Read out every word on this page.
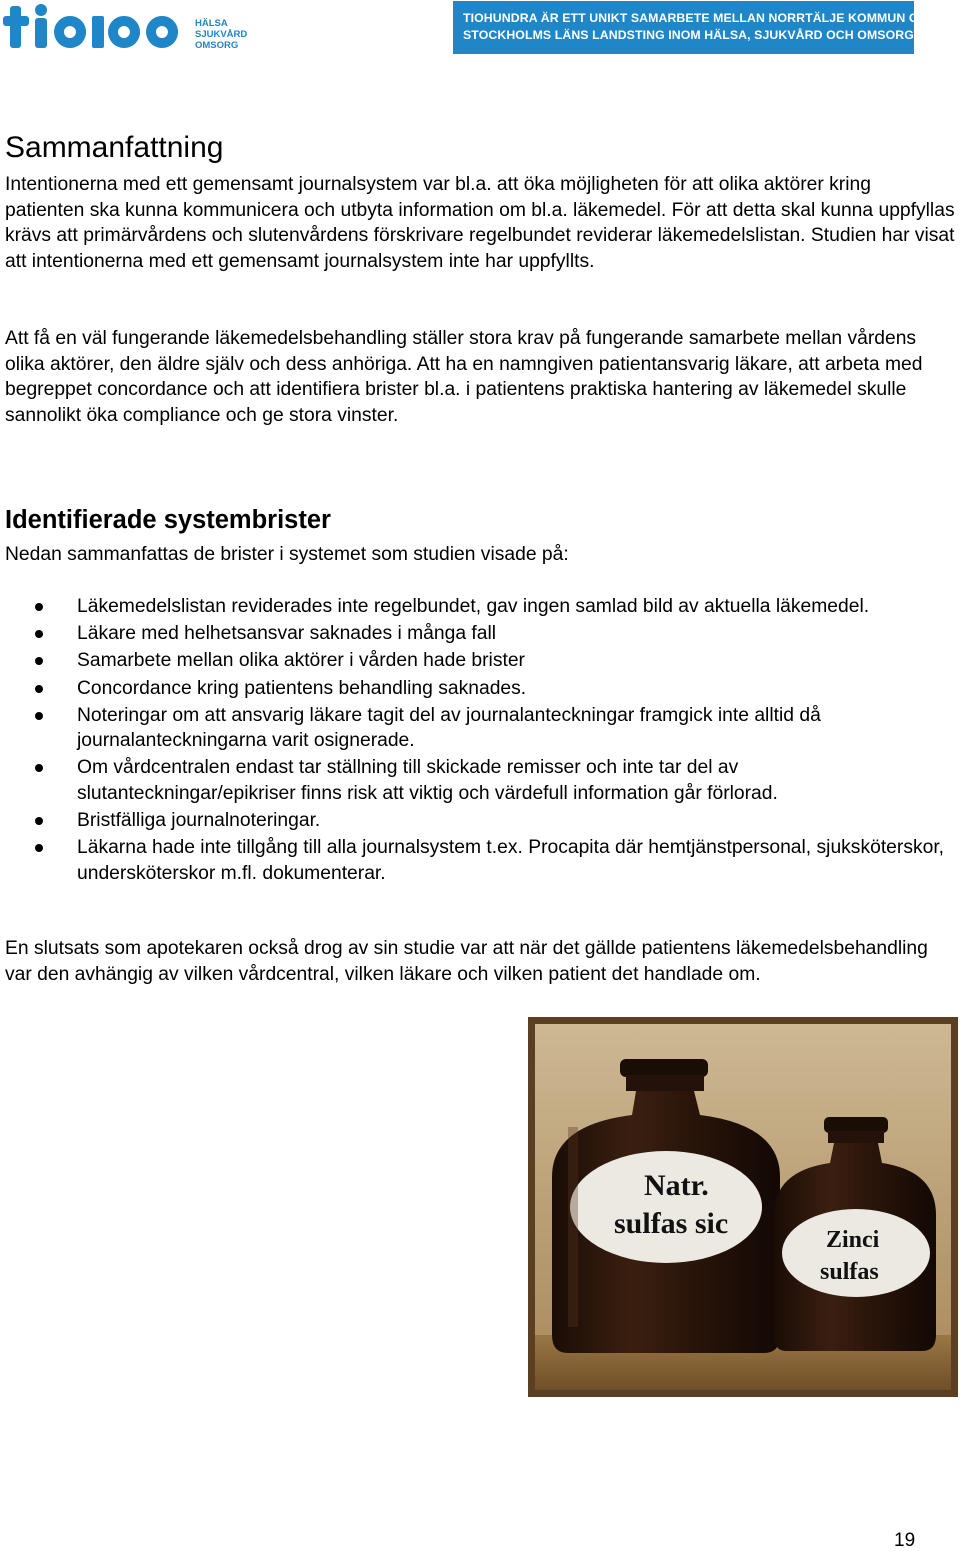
HÄLSA
SJUKVÅRD
OMSORG
TIOHUNDRA ÄR ETT UNIKT SAMARBETE MELLAN NORRTÄLJE KOMMUN OCH
STOCKHOLMS LÄNS LANDSTING INOM HÄLSA, SJUKVÅRD OCH OMSORG
Sammanfattning

Intentionerna med ett gemensamt journalsystem var bl.a. att öka möjligheten för att olika aktörer kring patienten ska kunna kommunicera och utbyta information om bl.a. läkemedel. För att detta skal kunna uppfyllas krävs att primärvårdens och slutenvårdens förskrivare regelbundet reviderar läkemedelslistan. Studien har visat att intentionerna med ett gemensamt journalsystem inte har uppfyllts.

Att få en väl fungerande läkemedelsbehandling ställer stora krav på fungerande samarbete mellan vårdens olika aktörer, den äldre själv och dess anhöriga. Att ha en namngiven patientansvarig läkare, att arbeta med begreppet concordance och att identifiera brister bl.a. i patientens praktiska hantering av läkemedel skulle sannolikt öka compliance och ge stora vinster.

Identifierade systembrister

Nedan sammanfattas de brister i systemet som studien visade på:

Läkemedelslistan reviderades inte regelbundet, gav ingen samlad bild av aktuella läkemedel.
Läkare med helhetsansvar saknades i många fall
Samarbete mellan olika aktörer i vården hade brister
Concordance kring patientens behandling saknades.
Noteringar om att ansvarig läkare tagit del av journalanteckningar framgick inte alltid då journalanteckningarna varit osignerade.
Om vårdcentralen endast tar ställning till skickade remisser och inte tar del av slutanteckningar/epikriser finns risk att viktig och värdefull information går förlorad.
Bristfälliga journalnoteringar.
Läkarna hade inte tillgång till alla journalsystem t.ex. Procapita där hemtjänstpersonal, sjuksköterskor, undersköterskor m.fl. dokumenterar.

En slutsats som apotekaren också drog av sin studie var att när det gällde patientens läkemedelsbehandling var den avhängig av vilken vårdcentral, vilken läkare och vilken patient det handlade om.

Natr.
sulfas sic	Zinci
sulfas
19
